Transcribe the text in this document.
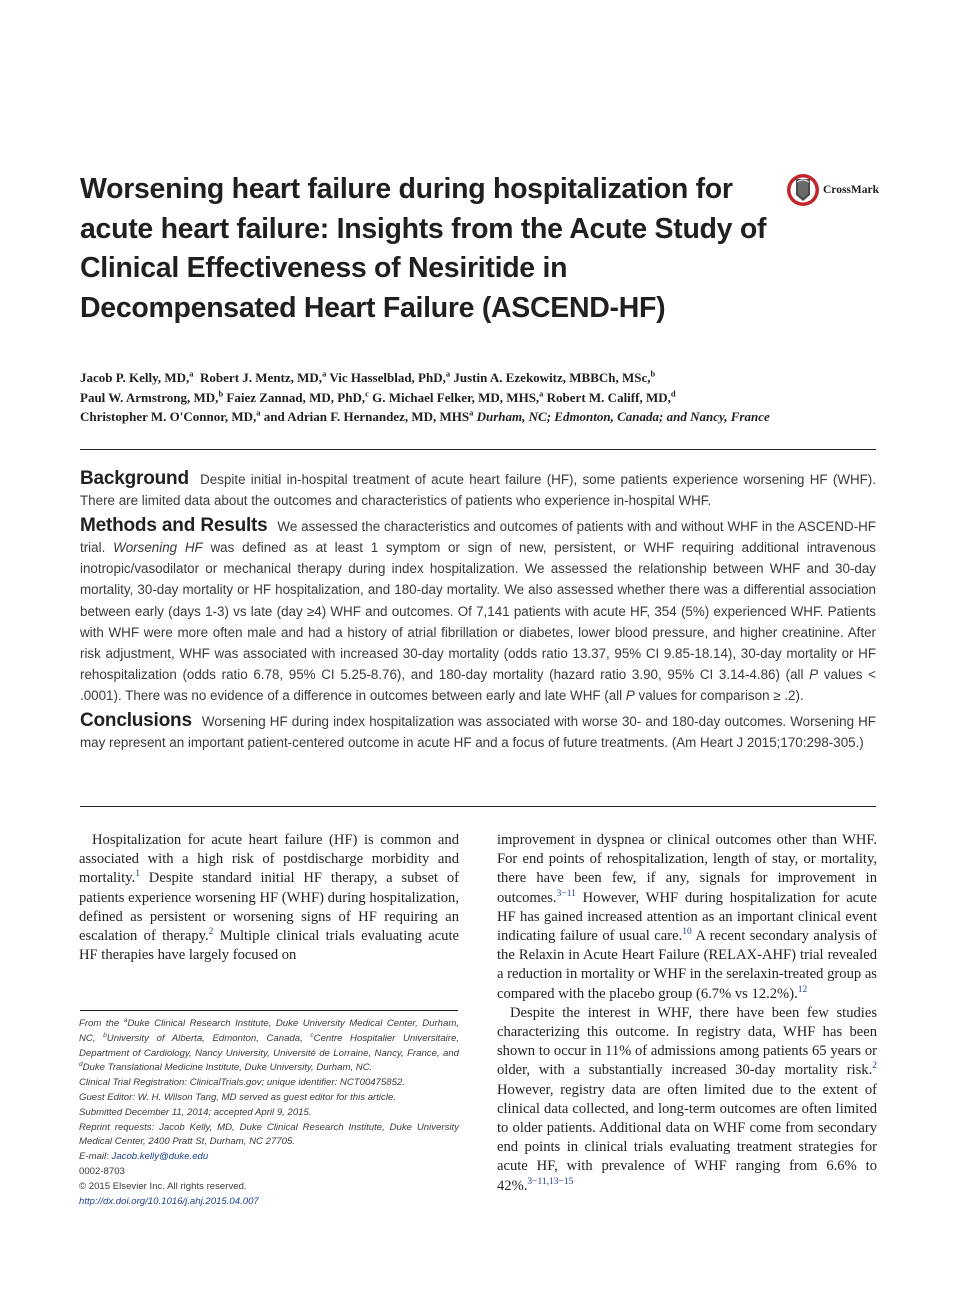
Worsening heart failure during hospitalization for acute heart failure: Insights from the Acute Study of Clinical Effectiveness of Nesiritide in Decompensated Heart Failure (ASCEND-HF)
CrossMark
Jacob P. Kelly, MD,$^a$ Robert J. Mentz, MD,$^a$ Vic Hasselblad, PhD,$^a$ Justin A. Ezekowitz, MBBCh, MSc,$^b$
Paul W. Armstrong, MD,$^b$ Faiez Zannad, MD, PhD,$^c$ G. Michael Felker, MD, MHS,$^a$ Robert M. Califf, MD,$^d$
Christopher M. O'Connor, MD,$^a$ and Adrian F. Hernandez, MD, MHS$^a$ Durham, NC; Edmonton, Canada; and Nancy, France

Background Despite initial in-hospital treatment of acute heart failure (HF), some patients experience worsening HF (WHF). There are limited data about the outcomes and characteristics of patients who experience in-hospital WHF.

Methods and Results We assessed the characteristics and outcomes of patients with and without WHF in the ASCEND-HF trial. Worsening HF was defined as at least 1 symptom or sign of new, persistent, or WHF requiring additional intravenous inotropic/vasodilator or mechanical therapy during index hospitalization. We assessed the relationship between WHF and 30-day mortality, 30-day mortality or HF hospitalization, and 180-day mortality. We also assessed whether there was a differential association between early (days 1-3) vs late (day ≥4) WHF and outcomes. Of 7,141 patients with acute HF, 354 (5%) experienced WHF. Patients with WHF were more often male and had a history of atrial fibrillation or diabetes, lower blood pressure, and higher creatinine. After risk adjustment, WHF was associated with increased 30-day mortality (odds ratio 13.37, 95% CI 9.85-18.14), 30-day mortality or HF rehospitalization (odds ratio 6.78, 95% CI 5.25-8.76), and 180-day mortality (hazard ratio 3.90, 95% CI 3.14-4.86) (all P values < .0001). There was no evidence of a difference in outcomes between early and late WHF (all P values for comparison ≥ .2).

Conclusions Worsening HF during index hospitalization was associated with worse 30- and 180-day outcomes. Worsening HF may represent an important patient-centered outcome in acute HF and a focus of future treatments. (Am Heart J 2015;170:298-305.)

Hospitalization for acute heart failure (HF) is common and associated with a high risk of postdischarge morbidity and mortality.$^1$ Despite standard initial HF therapy, a subset of patients experience worsening HF (WHF) during hospitalization, defined as persistent or worsening signs of HF requiring an escalation of therapy.$^2$ Multiple clinical trials evaluating acute HF therapies have largely focused on

improvement in dyspnea or clinical outcomes other than WHF. For end points of rehospitalization, length of stay, or mortality, there have been few, if any, signals for improvement in outcomes.$^{3-11}$ However, WHF during hospitalization for acute HF has gained increased attention as an important clinical event indicating failure of usual care.$^{10}$ A recent secondary analysis of the Relaxin in Acute Heart Failure (RELAX-AHF) trial revealed a reduction in mortality or WHF in the serelaxin-treated group as compared with the placebo group (6.7% vs 12.2%).$^{12}$

Despite the interest in WHF, there have been few studies characterizing this outcome. In registry data, WHF has been shown to occur in 11% of admissions among patients 65 years or older, with a substantially increased 30-day mortality risk.$^2$ However, registry data are often limited due to the extent of clinical data collected, and long-term outcomes are often limited to older patients. Additional data on WHF come from secondary end points in clinical trials evaluating treatment strategies for acute HF, with prevalence of WHF ranging from 6.6% to 42%.$^{3-11,13-15}$

From the $^a$Duke Clinical Research Institute, Duke University Medical Center, Durham, NC, $^b$University of Alberta, Edmonton, Canada, $^c$Centre Hospitalier Universitaire, Department of Cardiology, Nancy University, Université de Lorraine, Nancy, France, and $^d$Duke Translational Medicine Institute, Duke University, Durham, NC.

Clinical Trial Registration: ClinicalTrials.gov; unique identifier: NCT00475852.

Guest Editor: W. H. Wilson Tang, MD served as guest editor for this article.

Submitted December 11, 2014; accepted April 9, 2015.

Reprint requests: Jacob Kelly, MD, Duke Clinical Research Institute, Duke University Medical Center, 2400 Pratt St, Durham, NC 27705.

E-mail: Jacob.kelly@duke.edu

0002-8703

© 2015 Elsevier Inc. All rights reserved.

http://dx.doi.org/10.1016/j.ahj.2015.04.007
